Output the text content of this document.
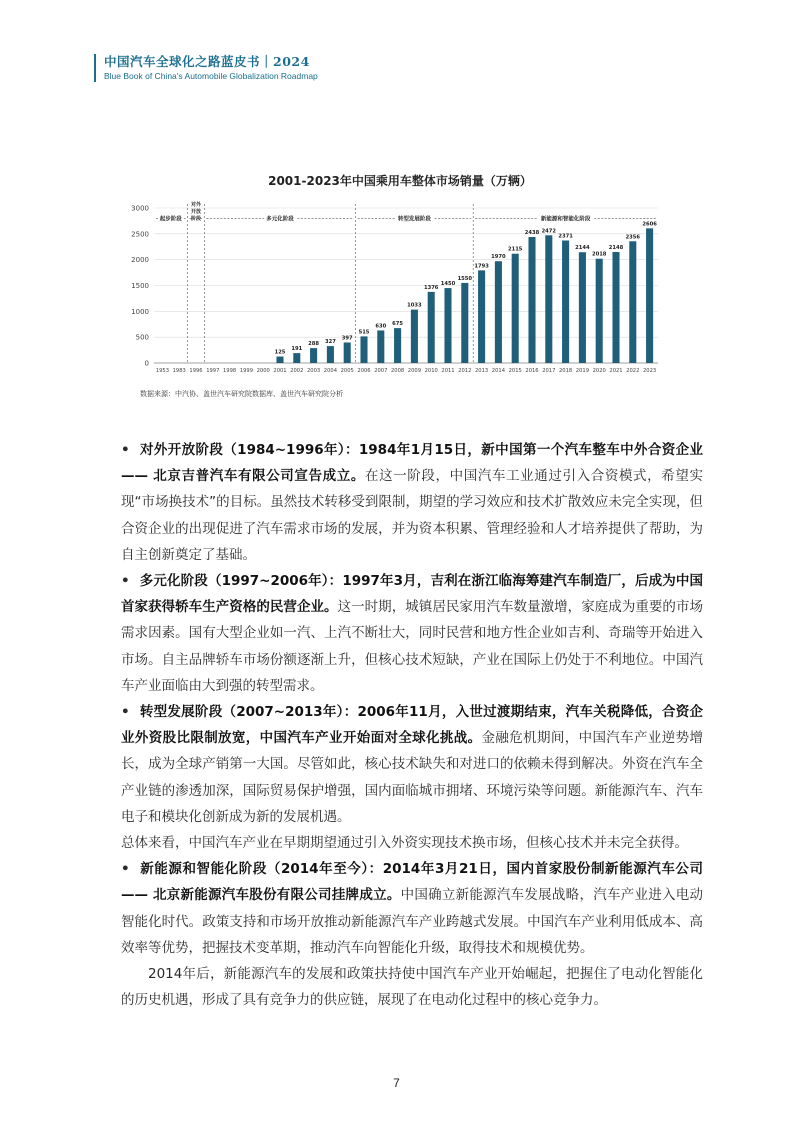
中国汽车全球化之路蓝皮书｜2024
Blue Book of China's Automobile Globalization Roadmap
2001-2023年中国乘用车整体市场销量（万辆）
0
500
1000
1500
2000
2500
3000
起步阶段
对外
开放
阶段	多元化阶段	转型发展阶段	新能源和智能化阶段
1953 1983 1996 1997 1998 1999 2000
125
2001
191
2002
288
2003
327
2004
397
2005
515
2006
630
2007
675
2008
1033
2009
1376
2010
1450
2011
1550
2012
1793
2013
1970
2014
2115
2015
2438
2016
2472
2017
2371
2018
2144
2019
2018
2020
2148
2021
2356
2022
2606
2023
数据来源：中汽协、盖世汽车研究院数据库、盖世汽车研究院分析

• 对外开放阶段（1984~1996年）：1984年1月15日，新中国第一个汽车整车中外合资企业 —— 北京吉普汽车有限公司宣告成立。在这一阶段，中国汽车工业通过引入合资模式，希望实现“市场换技术”的目标。虽然技术转移受到限制，期望的学习效应和技术扩散效应未完全实现，但合资企业的出现促进了汽车需求市场的发展，并为资本积累、管理经验和人才培养提供了帮助，为自主创新奠定了基础。

• 多元化阶段（1997~2006年）：1997年3月，吉利在浙江临海筹建汽车制造厂，后成为中国首家获得轿车生产资格的民营企业。这一时期，城镇居民家用汽车数量激增，家庭成为重要的市场需求因素。国有大型企业如一汽、上汽不断壮大，同时民营和地方性企业如吉利、奇瑞等开始进入市场。自主品牌轿车市场份额逐渐上升，但核心技术短缺，产业在国际上仍处于不利地位。中国汽车产业面临由大到强的转型需求。

• 转型发展阶段（2007~2013年）：2006年11月，入世过渡期结束，汽车关税降低，合资企业外资股比限制放宽，中国汽车产业开始面对全球化挑战。金融危机期间，中国汽车产业逆势增长，成为全球产销第一大国。尽管如此，核心技术缺失和对进口的依赖未得到解决。外资在汽车全产业链的渗透加深，国际贸易保护增强，国内面临城市拥堵、环境污染等问题。新能源汽车、汽车电子和模块化创新成为新的发展机遇。

总体来看，中国汽车产业在早期期望通过引入外资实现技术换市场，但核心技术并未完全获得。

• 新能源和智能化阶段（2014年至今）：2014年3月21日，国内首家股份制新能源汽车公司 —— 北京新能源汽车股份有限公司挂牌成立。中国确立新能源汽车发展战略，汽车产业进入电动智能化时代。政策支持和市场开放推动新能源汽车产业跨越式发展。中国汽车产业利用低成本、高效率等优势，把握技术变革期，推动汽车向智能化升级，取得技术和规模优势。

2014年后，新能源汽车的发展和政策扶持使中国汽车产业开始崛起，把握住了电动化智能化的历史机遇，形成了具有竞争力的供应链，展现了在电动化过程中的核心竞争力。

7
